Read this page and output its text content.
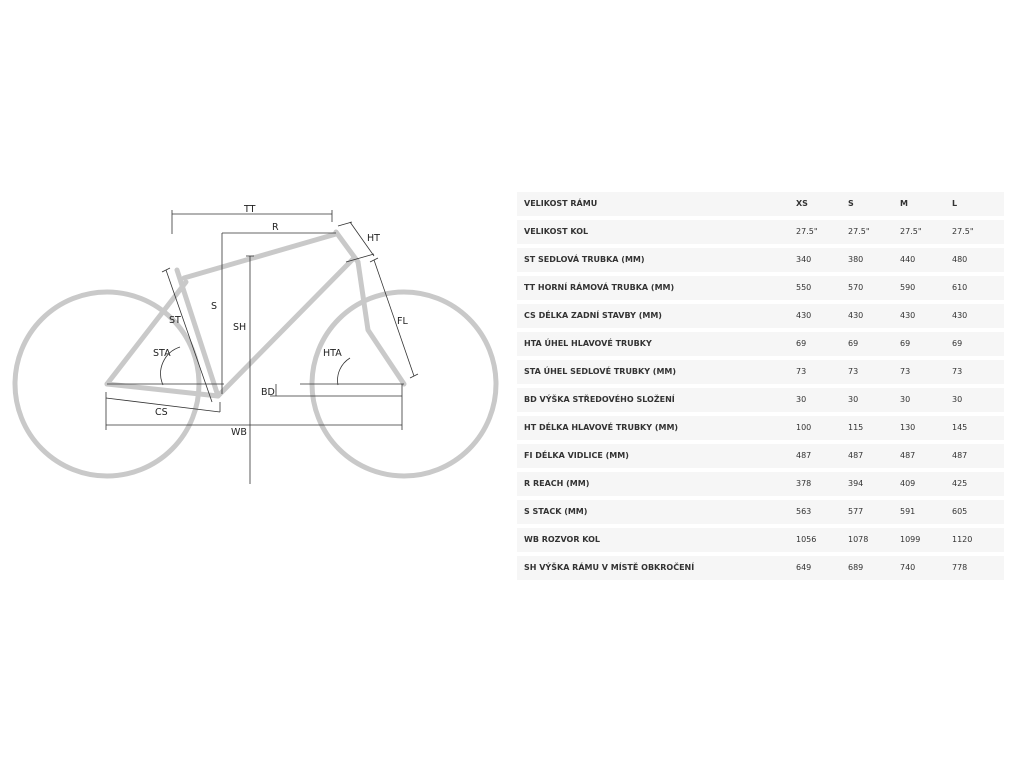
TT
R
HT
ST
S
SH
FL
STA	HTA
BD
CS
WB
VELIKOST RÁMU	XS	S	M	L
VELIKOST KOL	27.5"	27.5"	27.5"	27.5"
ST SEDLOVÁ TRUBKA (MM)	340	380	440	480
TT HORNÍ RÁMOVÁ TRUBKA (MM)	550	570	590	610
CS DÉLKA ZADNÍ STAVBY (MM)	430	430	430	430
HTA ÚHEL HLAVOVÉ TRUBKY	69	69	69	69
STA ÚHEL SEDLOVÉ TRUBKY (MM)	73	73	73	73
BD VÝŠKA STŘEDOVÉHO SLOŽENÍ	30	30	30	30
HT DÉLKA HLAVOVÉ TRUBKY (MM)	100	115	130	145
FI DÉLKA VIDLICE (MM)	487	487	487	487
R REACH (MM)	378	394	409	425
S STACK (MM)	563	577	591	605
WB ROZVOR KOL	1056	1078	1099	1120
SH VÝŠKA RÁMU V MÍSTĚ OBKROČENÍ	649	689	740	778
